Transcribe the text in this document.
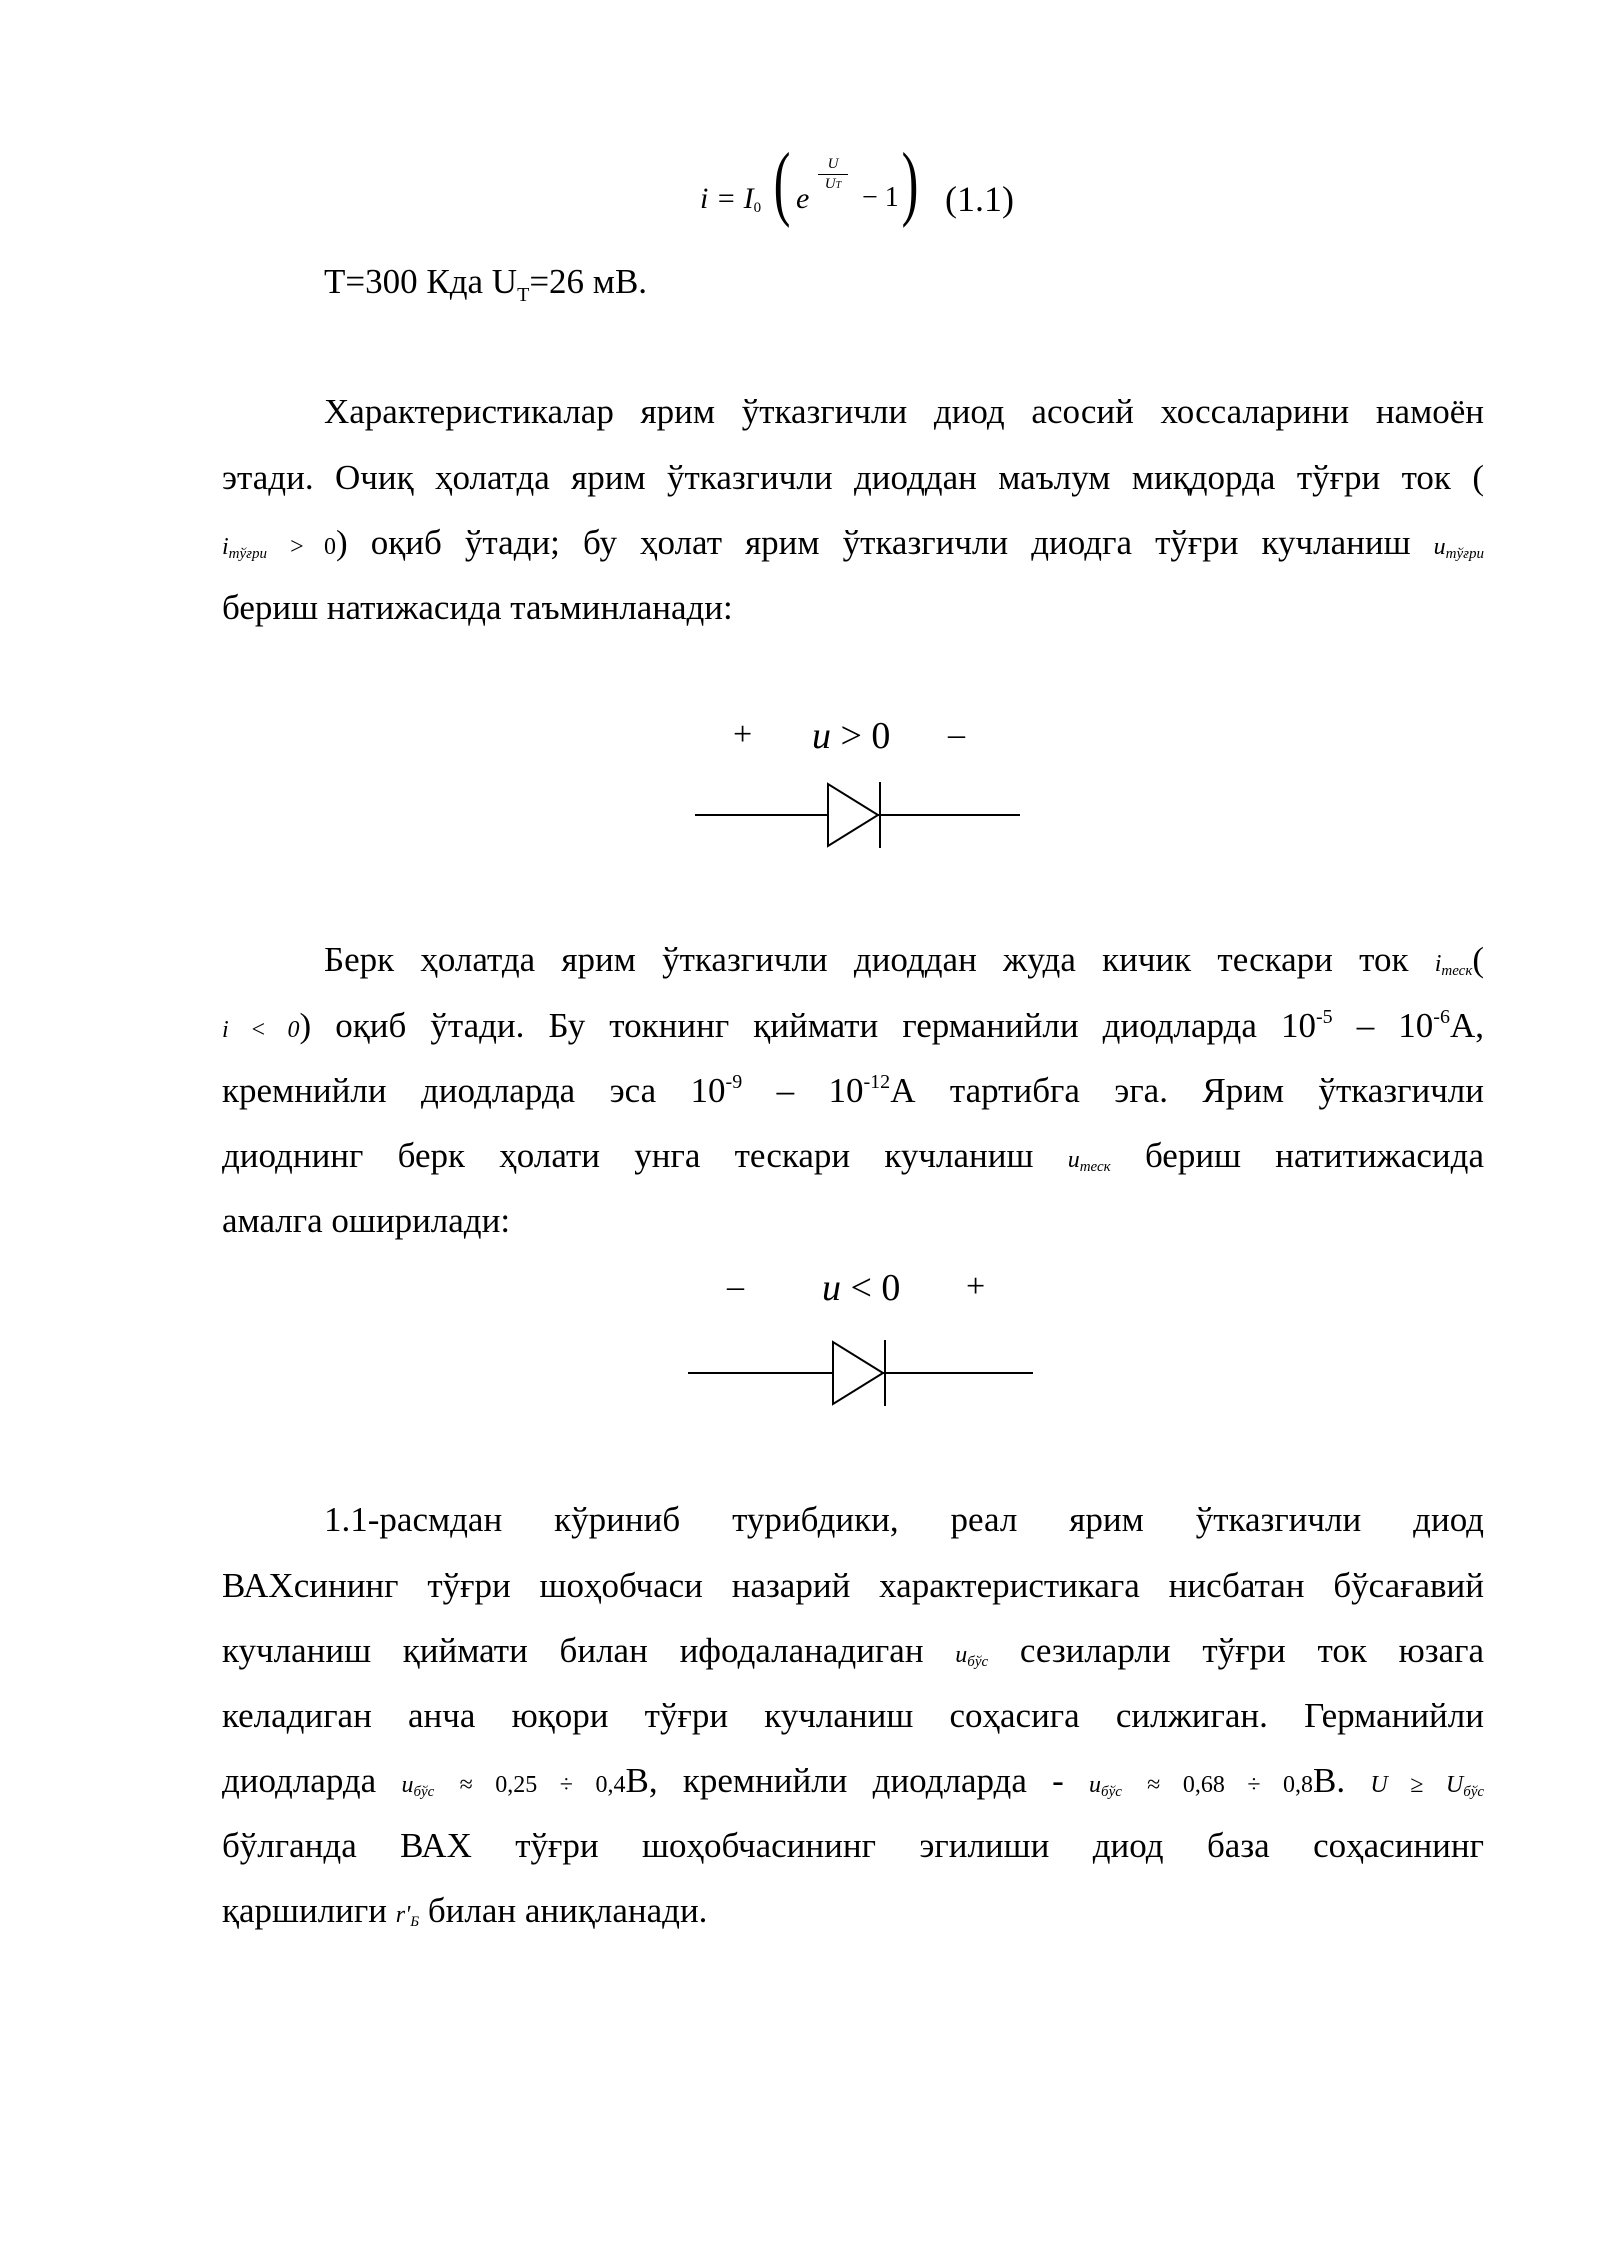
$i = I_0$ ( e
U
UT − 1 ) (1.1)
T=300 Кда $U_T=26$ мВ.
Характеристикалар ярим ўтказгичли диод асосий хоссаларини намоён
этади. Очиқ ҳолатда ярим ўтказгичли диоддан маълум миқдорда тўғри ток (
$i_{тўғри} > 0$) оқиб ўтади; бу ҳолат ярим ўтказгичли диодга тўғри кучланиш $u_{тўғри}$
бериш натижасида таъминланади:
+ u > 0 –
Берк ҳолатда ярим ўтказгичли диоддан жуда кичик тескари ток $i_{теск}$(
i < 0) оқиб ўтади. Бу токнинг қиймати германийли диодларда $10^{-5} - 10^{-6}А$,
кремнийли диодларда эса $10^{-9} - 10^{-12}А$ тартибга эга. Ярим ўтказгичли
диоднинг берк ҳолати унга тескари кучланиш $u_{теск}$ бериш натитижасида
амалга оширилади:
– u < 0 +
1.1-расмдан кўриниб турибдики, реал ярим ўтказгичли диод
ВАХсининг тўғри шоҳобчаси назарий характеристикага нисбатан бўсағавий
кучланиш қиймати билан ифодаланадиган $u_{бўс}$ сезиларли тўғри ток юзага
келадиган анча юқори тўғри кучланиш соҳасига силжиган. Германийли
диодларда $u_{бўс} \approx 0,25 \div 0,4В$, кремнийли диодларда - $u_{бўс} \approx 0,68 \div 0,8В$. $U \ge U_{бўс}$
бўлганда ВАХ тўғри шоҳобчасининг эгилиши диод база соҳасининг
қаршилиги $r'_Б$ билан аниқланади.
